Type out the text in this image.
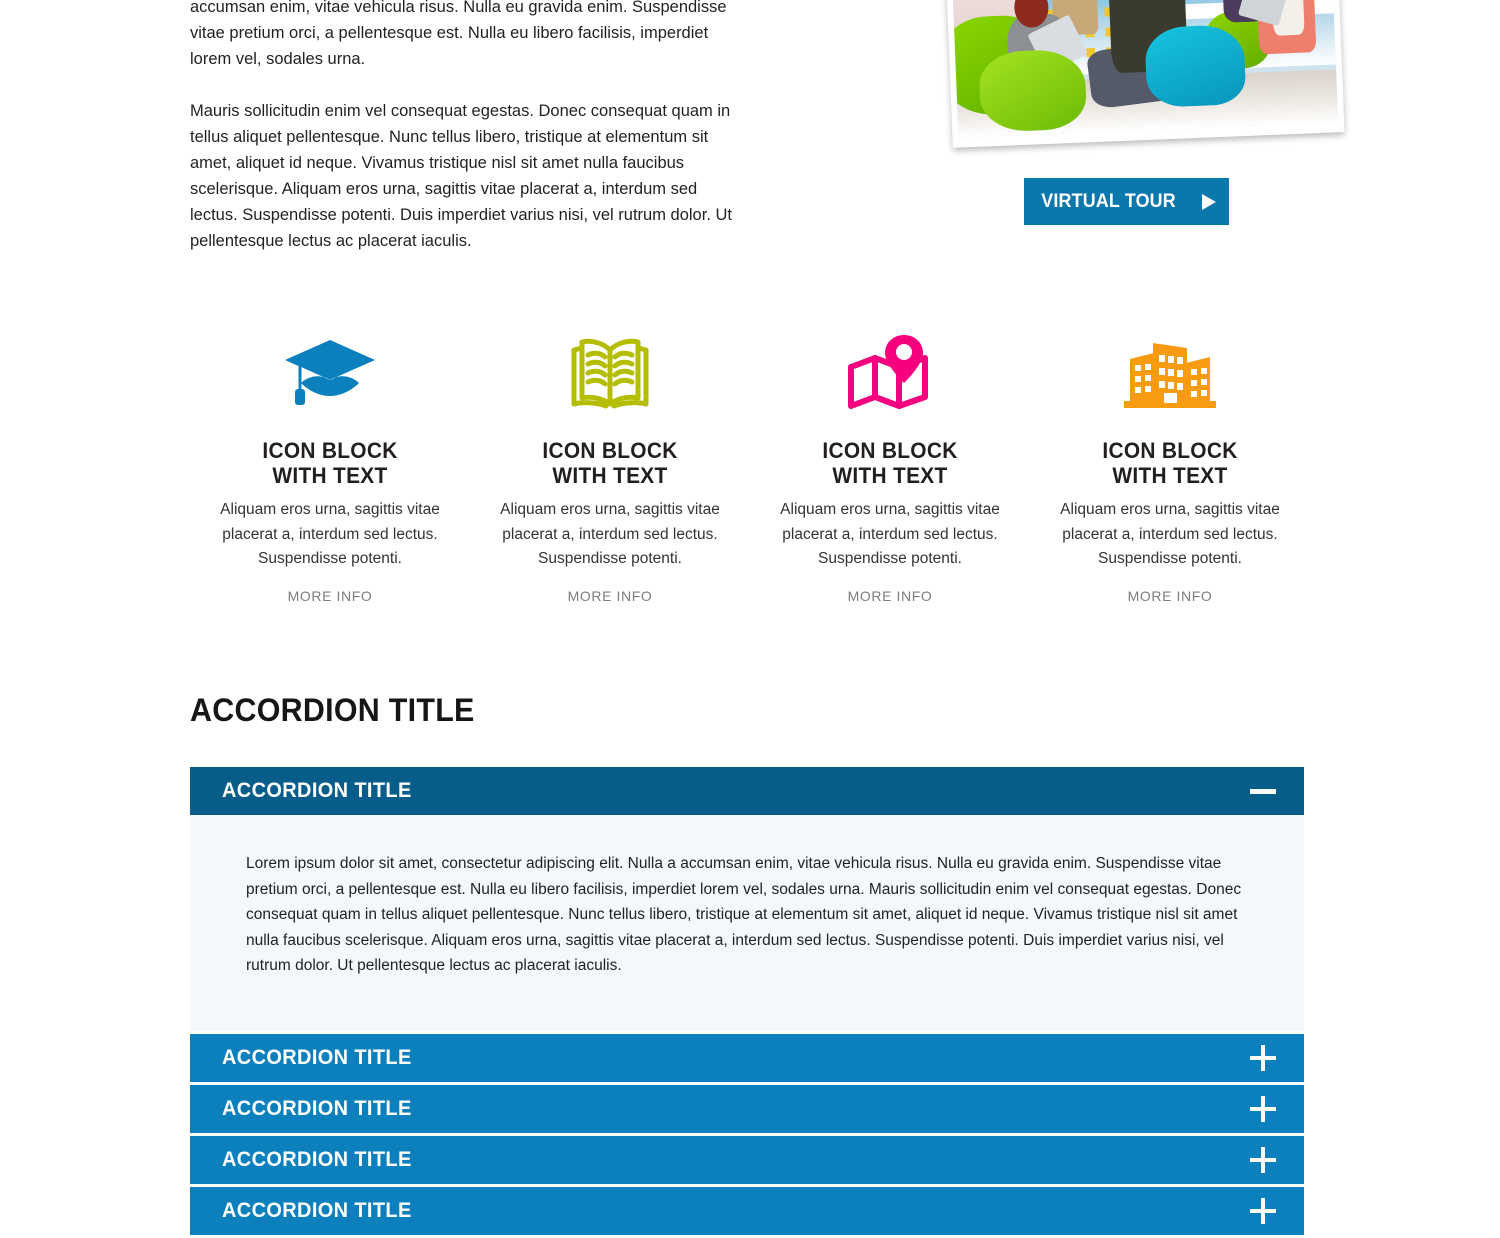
accumsan enim, vitae vehicula risus. Nulla eu gravida enim. Suspendisse vitae pretium orci, a pellentesque est. Nulla eu libero facilisis, imperdiet lorem vel, sodales urna.

Mauris sollicitudin enim vel consequat egestas. Donec consequat quam in tellus aliquet pellentesque. Nunc tellus libero, tristique at elementum sit amet, aliquet id neque. Vivamus tristique nisl sit amet nulla faucibus scelerisque. Aliquam eros urna, sagittis vitae placerat a, interdum sed lectus. Suspendisse potenti. Duis imperdiet varius nisi, vel rutrum dolor. Ut pellentesque lectus ac placerat iaculis.

VIRTUAL TOUR
ICON BLOCK
WITH TEXT

Aliquam eros urna, sagittis vitae placerat a, interdum sed lectus. Suspendisse potenti.

MORE INFO
ICON BLOCK
WITH TEXT

Aliquam eros urna, sagittis vitae placerat a, interdum sed lectus. Suspendisse potenti.

MORE INFO
ICON BLOCK
WITH TEXT

Aliquam eros urna, sagittis vitae placerat a, interdum sed lectus. Suspendisse potenti.

MORE INFO
ICON BLOCK
WITH TEXT

Aliquam eros urna, sagittis vitae placerat a, interdum sed lectus. Suspendisse potenti.

MORE INFO
ACCORDION TITLE
ACCORDION TITLE

Lorem ipsum dolor sit amet, consectetur adipiscing elit. Nulla a accumsan enim, vitae vehicula risus. Nulla eu gravida enim. Suspendisse vitae pretium orci, a pellentesque est. Nulla eu libero facilisis, imperdiet lorem vel, sodales urna. Mauris sollicitudin enim vel consequat egestas. Donec consequat quam in tellus aliquet pellentesque. Nunc tellus libero, tristique at elementum sit amet, aliquet id neque. Vivamus tristique nisl sit amet nulla faucibus scelerisque. Aliquam eros urna, sagittis vitae placerat a, interdum sed lectus. Suspendisse potenti. Duis imperdiet varius nisi, vel rutrum dolor. Ut pellentesque lectus ac placerat iaculis.

ACCORDION TITLE
ACCORDION TITLE
ACCORDION TITLE
ACCORDION TITLE
